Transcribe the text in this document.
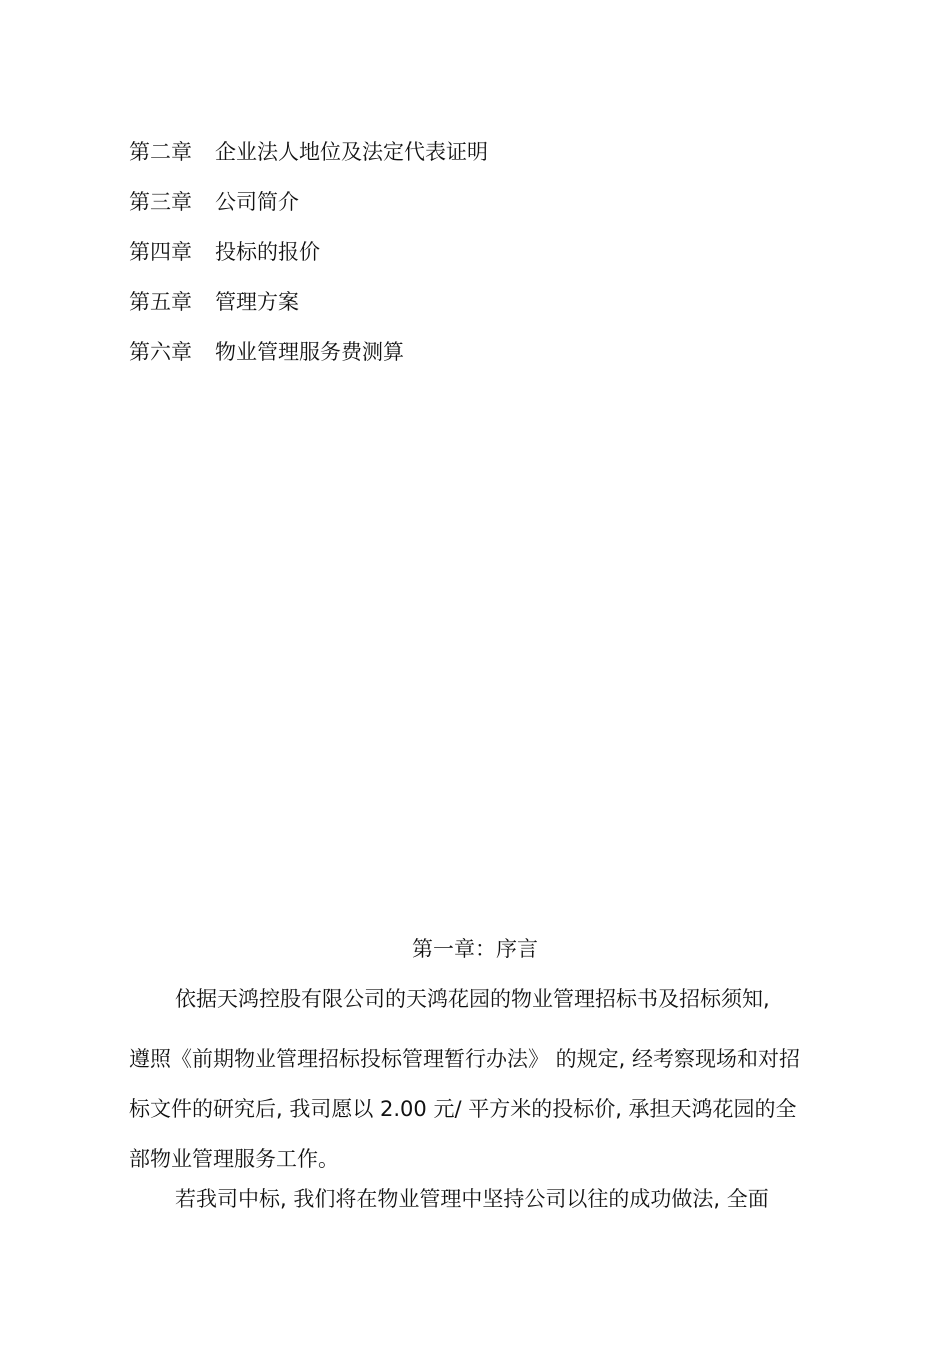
第二章 企业法人地位及法定代表证明
第三章 公司简介
第四章 投标的报价
第五章 管理方案
第六章 物业管理服务费测算
第一章：序言

依据天鸿控股有限公司的天鸿花园的物业管理招标书及招标须知,

遵照《前期物业管理招标投标管理暂行办法》 的规定, 经考察现场和对招
标文件的研究后, 我司愿以 2.00 元/ 平方米的投标价, 承担天鸿花园的全
部物业管理服务工作。

若我司中标, 我们将在物业管理中坚持公司以往的成功做法, 全面
